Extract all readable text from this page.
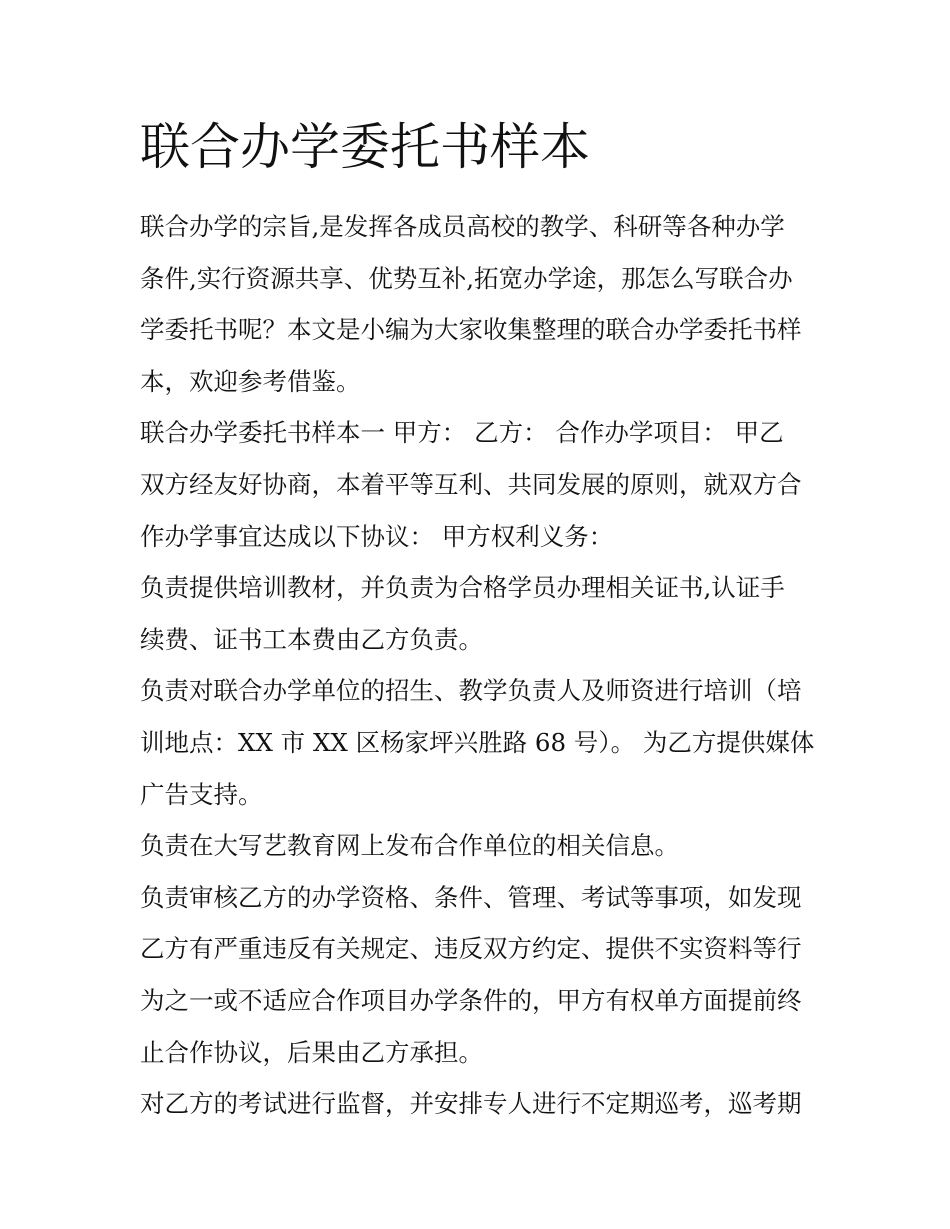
联合办学委托书样本
联合办学的宗旨,是发挥各成员高校的教学、科研等各种办学
条件,实行资源共享、优势互补,拓宽办学途，那怎么写联合办
学委托书呢？本文是小编为大家收集整理的联合办学委托书样
本，欢迎参考借鉴。
联合办学委托书样本一 甲方： 乙方： 合作办学项目： 甲乙
双方经友好协商，本着平等互利、共同发展的原则，就双方合
作办学事宜达成以下协议： 甲方权利义务：
负责提供培训教材，并负责为合格学员办理相关证书,认证手
续费、证书工本费由乙方负责。
负责对联合办学单位的招生、教学负责人及师资进行培训（培
训地点：XX 市 XX 区杨家坪兴胜路 68 号）。 为乙方提供媒体
广告支持。
负责在大写艺教育网上发布合作单位的相关信息。
负责审核乙方的办学资格、条件、管理、考试等事项，如发现
乙方有严重违反有关规定、违反双方约定、提供不实资料等行
为之一或不适应合作项目办学条件的，甲方有权单方面提前终
止合作协议，后果由乙方承担。
对乙方的考试进行监督，并安排专人进行不定期巡考，巡考期
